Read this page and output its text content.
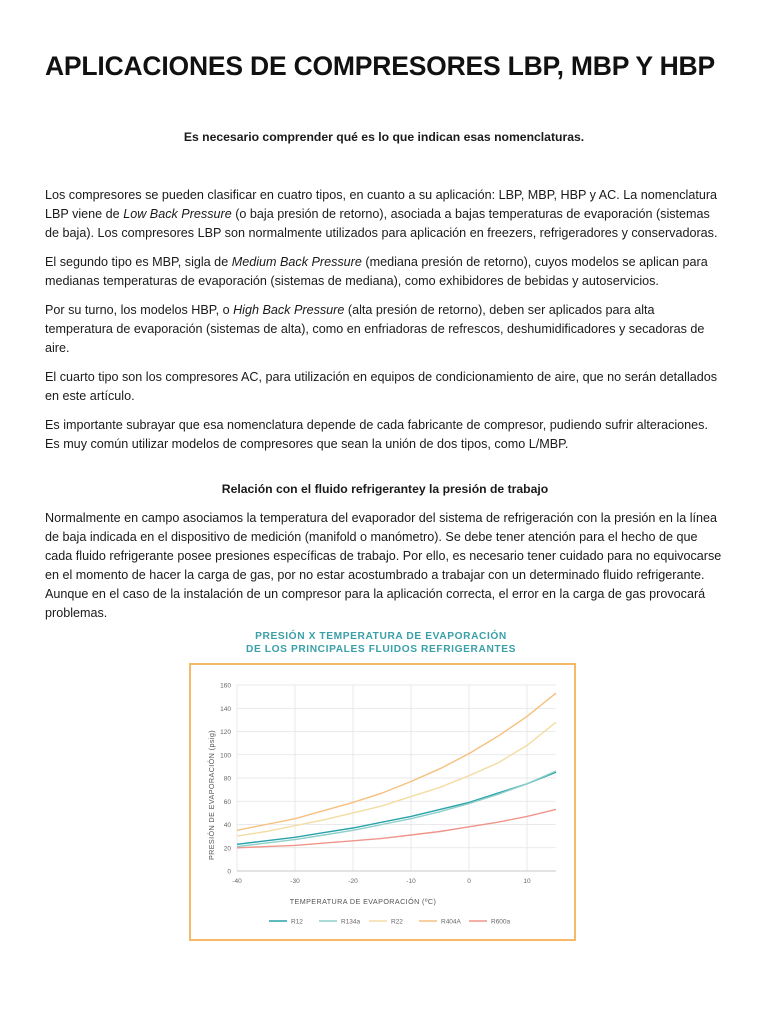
APLICACIONES DE COMPRESORES LBP, MBP Y HBP

Es necesario comprender qué es lo que indican esas nomenclaturas.

Los compresores se pueden clasificar en cuatro tipos, en cuanto a su aplicación: LBP, MBP, HBP y AC. La nomenclatura LBP viene de Low Back Pressure (o baja presión de retorno), asociada a bajas temperaturas de evaporación (sistemas de baja). Los compresores LBP son normalmente utilizados para aplicación en freezers, refrigeradores y conservadoras.

El segundo tipo es MBP, sigla de Medium Back Pressure (mediana presión de retorno), cuyos modelos se aplican para medianas temperaturas de evaporación (sistemas de mediana), como exhibidores de bebidas y autoservicios.

Por su turno, los modelos HBP, o High Back Pressure (alta presión de retorno), deben ser aplicados para alta temperatura de evaporación (sistemas de alta), como en enfriadoras de refrescos, deshumidificadores y secadoras de aire.

El cuarto tipo son los compresores AC, para utilización en equipos de condicionamiento de aire, que no serán detallados en este artículo.

Es importante subrayar que esa nomenclatura depende de cada fabricante de compresor, pudiendo sufrir alteraciones. Es muy común utilizar modelos de compresores que sean la unión de dos tipos, como L/MBP.

Relación con el fluido refrigerantey la presión de trabajo

Normalmente en campo asociamos la temperatura del evaporador del sistema de refrigeración con la presión en la línea de baja indicada en el dispositivo de medición (manifold o manómetro). Se debe tener atención para el hecho de que cada fluido refrigerante posee presiones específicas de trabajo. Por ello, es necesario tener cuidado para no equivocarse en el momento de hacer la carga de gas, por no estar acostumbrado a trabajar con un determinado fluido refrigerante. Aunque en el caso de la instalación de un compresor para la aplicación correcta, el error en la carga de gas provocará problemas.

PRESIÓN X TEMPERATURA DE EVAPORACIÓN
DE LOS PRINCIPALES FLUIDOS REFRIGERANTES
0
20
40
60
80
100
120
140
160
-40	-30	-20	-10	0	10
R12	R134a	R22	R404A	R600a
TEMPERATURA DE EVAPORACIÓN (ºC)
PRESIÓN DE EVAPORACIÓN (psig)
